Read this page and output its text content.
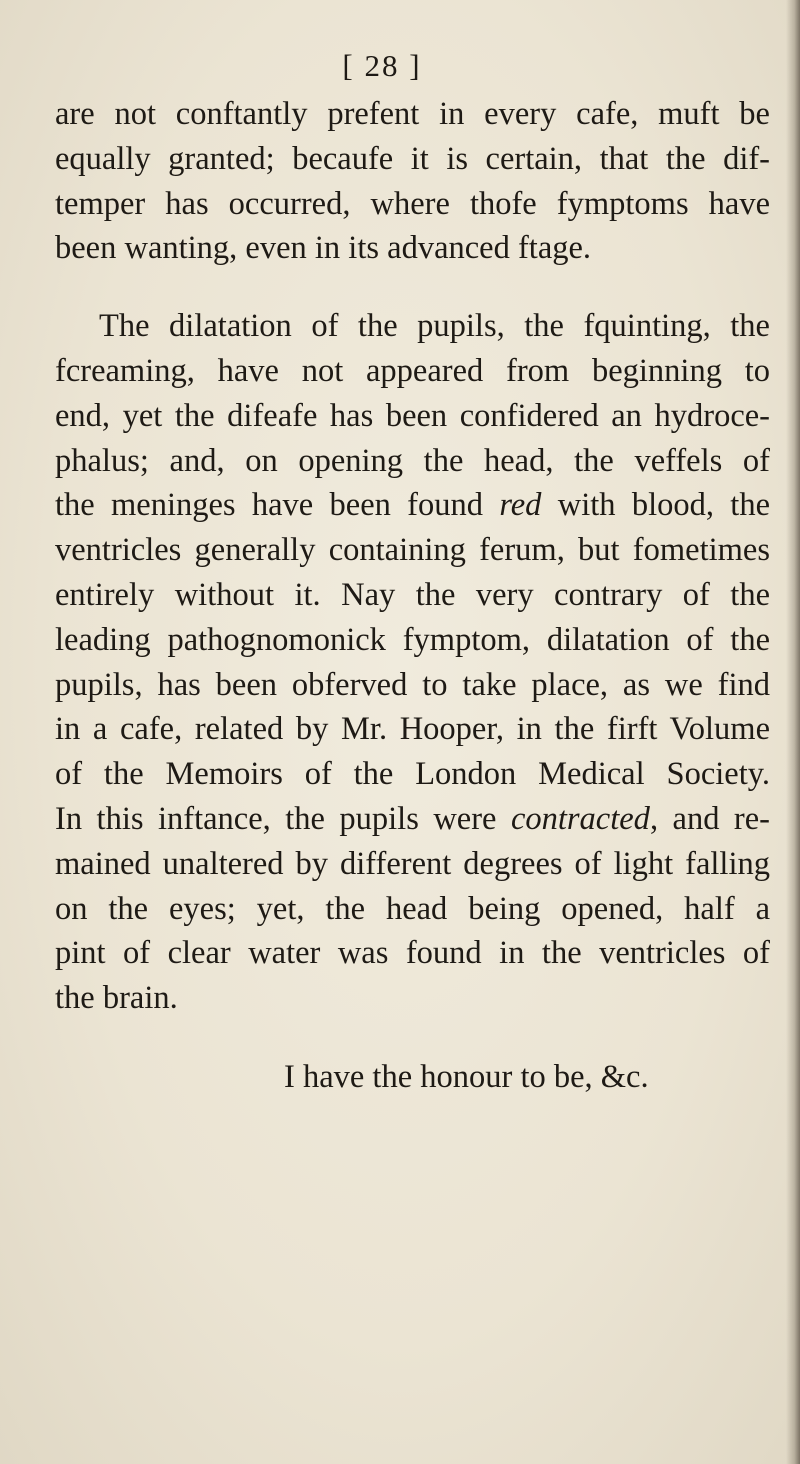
[ 28 ]
are not conftantly prefent in every cafe, muft be
equally granted; becaufe it is certain, that the dif-
temper has occurred, where thofe fymptoms have
been wanting, even in its advanced ftage.
The dilatation of the pupils, the fquinting, the
fcreaming, have not appeared from beginning to
end, yet the difeafe has been confidered an hydroce-
phalus; and, on opening the head, the veffels of
the meninges have been found red with blood, the
ventricles generally containing ferum, but fometimes
entirely without it. Nay the very contrary of the
leading pathognomonick fymptom, dilatation of the
pupils, has been obferved to take place, as we find
in a cafe, related by Mr. Hooper, in the firft Volume
of the Memoirs of the London Medical Society.
In this inftance, the pupils were contracted, and re-
mained unaltered by different degrees of light falling
on the eyes; yet, the head being opened, half a
pint of clear water was found in the ventricles of
the brain.
I have the honour to be, &c.
